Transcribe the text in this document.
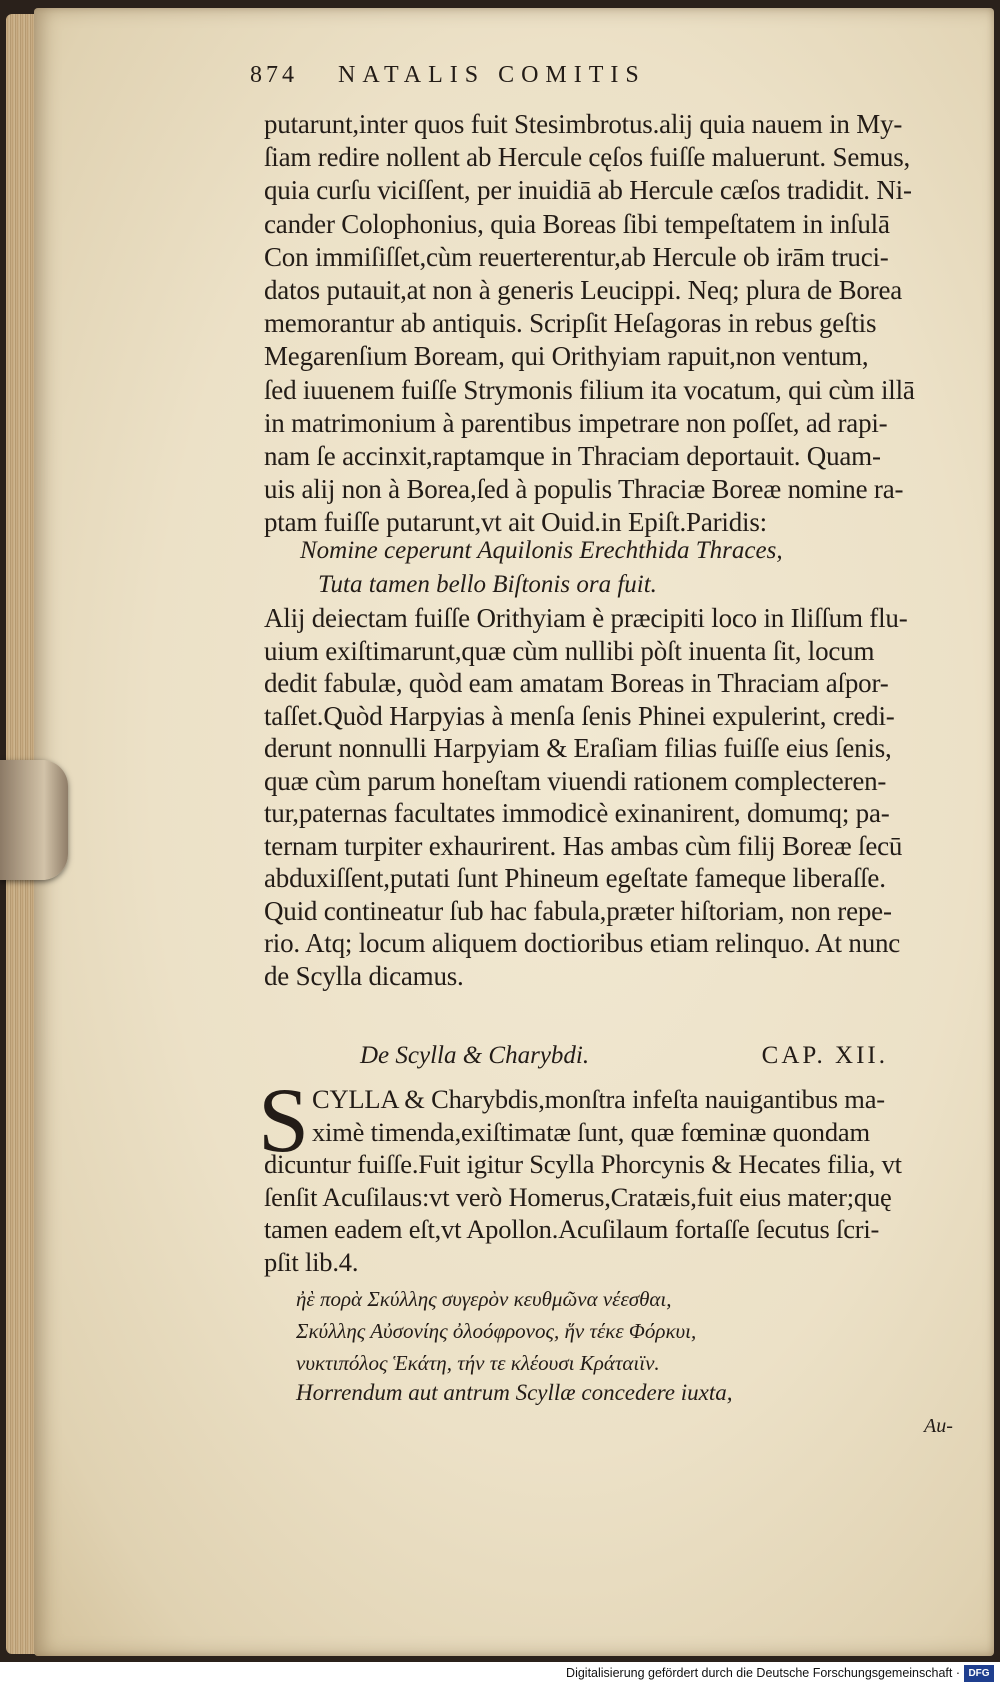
874 NATALIS COMITIS
putarunt,inter quos fuit Stesimbrotus.alij quia nauem in My-
ſiam redire nollent ab Hercule cęſos fuiſſe maluerunt. Semus,
quia curſu viciſſent, per inuidiā ab Hercule cæſos tradidit. Ni-
cander Colophonius, quia Boreas ſibi tempeſtatem in inſulā
Con immiſiſſet,cùm reuerterentur,ab Hercule ob irām truci-
datos putauit,at non à generis Leucippi. Neq; plura de Borea
memorantur ab antiquis. Scripſit Heſagoras in rebus geſtis
Megarenſium Boream, qui Orithyiam rapuit,non ventum,
ſed iuuenem fuiſſe Strymonis filium ita vocatum, qui cùm illā
in matrimonium à parentibus impetrare non poſſet, ad rapi-
nam ſe accinxit,raptamque in Thraciam deportauit. Quam-
uis alij non à Borea,ſed à populis Thraciæ Boreæ nomine ra-
ptam fuiſſe putarunt,vt ait Ouid.in Epiſt.Paridis:
Nomine ceperunt Aquilonis Erechthida Thraces,
Tuta tamen bello Biſtonis ora fuit.
Alij deiectam fuiſſe Orithyiam è præcipiti loco in Iliſſum flu-
uium exiſtimarunt,quæ cùm nullibi pòſt inuenta ſit, locum
dedit fabulæ, quòd eam amatam Boreas in Thraciam aſpor-
taſſet.Quòd Harpyias à menſa ſenis Phinei expulerint, credi-
derunt nonnulli Harpyiam & Eraſiam filias fuiſſe eius ſenis,
quæ cùm parum honeſtam viuendi rationem complecteren-
tur,paternas facultates immodicè exinanirent, domumq; pa-
ternam turpiter exhaurirent. Has ambas cùm filij Boreæ ſecū
abduxiſſent,putati ſunt Phineum egeſtate fameque liberaſſe.
Quid contineatur ſub hac fabula,præter hiſtoriam, non repe-
rio. Atq; locum aliquem doctioribus etiam relinquo. At nunc
de Scylla dicamus.
De Scylla & Charybdi.	CAP. XII.
S CYLLA & Charybdis,monſtra infeſta nauigantibus ma-
ximè timenda,exiſtimatæ ſunt, quæ fœminæ quondam
dicuntur fuiſſe.Fuit igitur Scylla Phorcynis & Hecates filia, vt
ſenſit Acuſilaus:vt verò Homerus,Cratæis,fuit eius mater;quę
tamen eadem eſt,vt Apollon.Acuſilaum fortaſſe ſecutus ſcri-
pſit lib.4.
ἠὲ πορὰ Σκύλλης συγερὸν κευθμῶνα νέεσθαι,
Σκύλλης Αὐσονίης ὀλοόφρονος, ἥν τέκε Φόρκυι,
νυκτιπόλος Ἑκάτη, τήν τε κλέουσι Κράταιϊν.
Horrendum aut antrum Scyllæ concedere iuxta,
Au-
Digitalisierung gefördert durch die Deutsche Forschungsgemeinschaft · DFG
